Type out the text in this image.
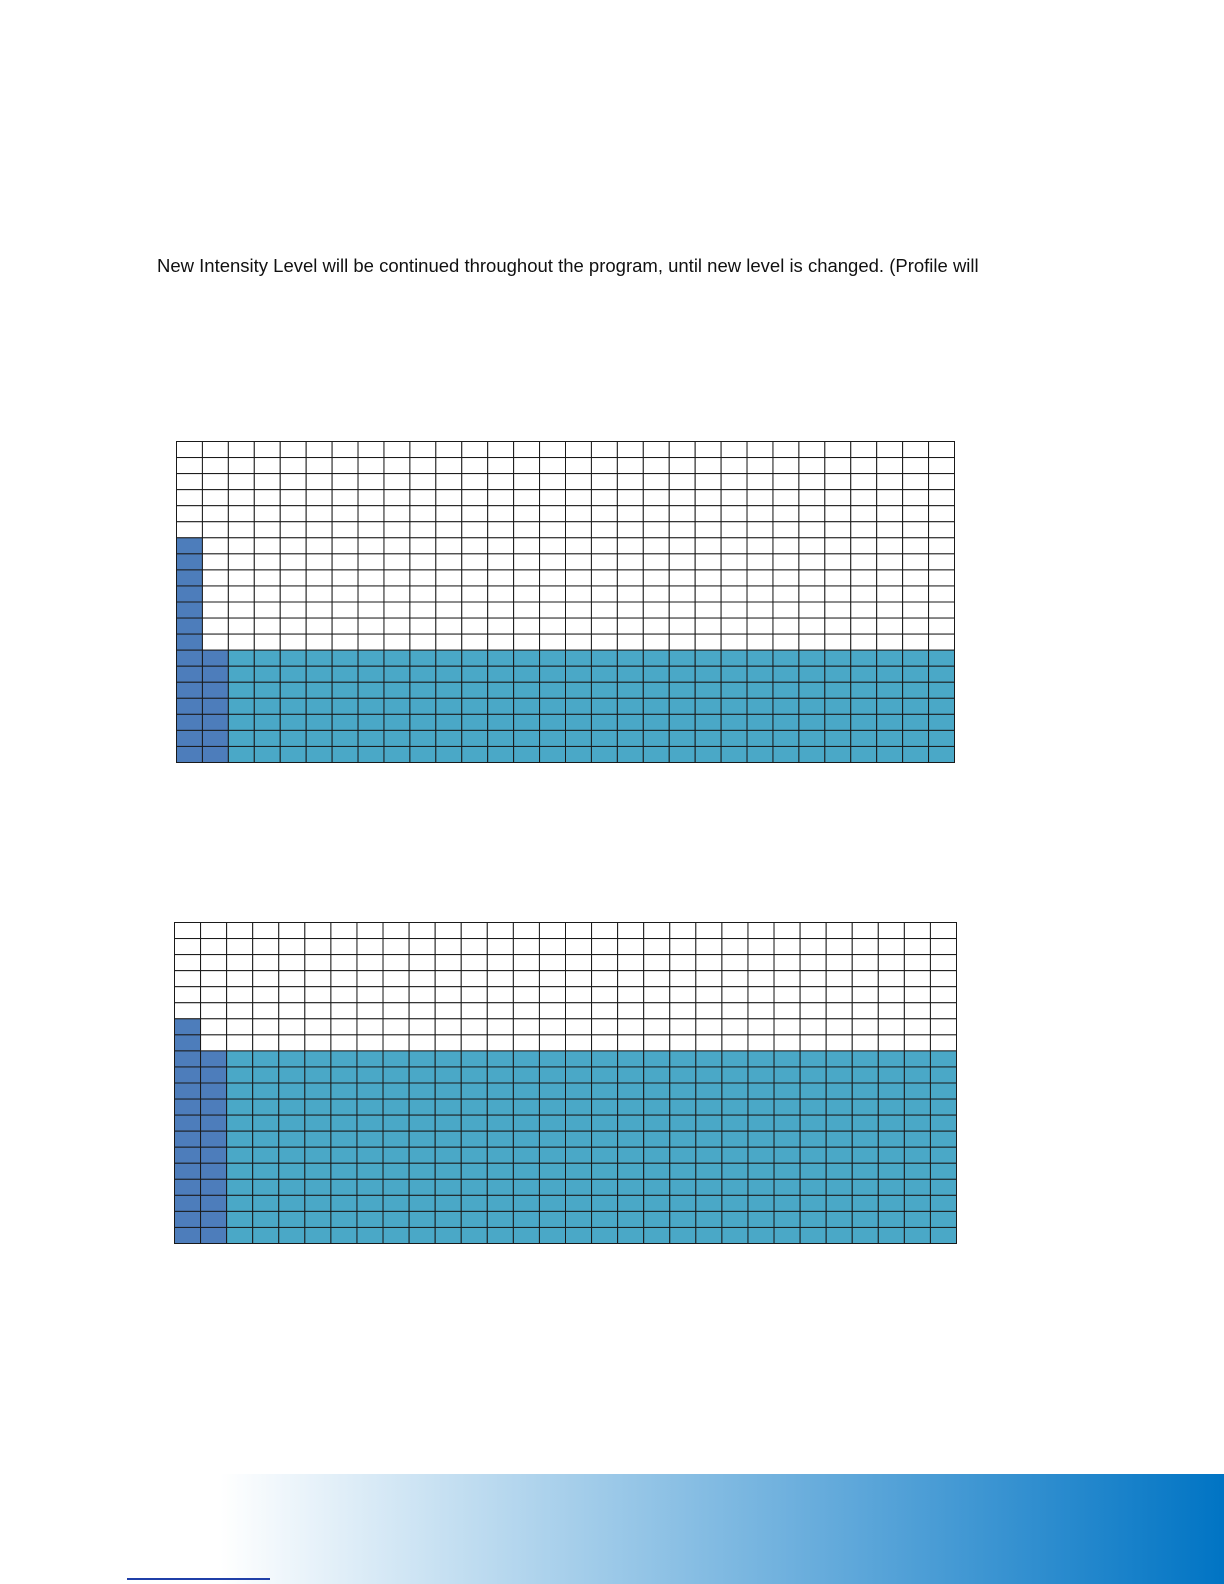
New Intensity Level will be continued throughout the program, until new level is changed. (Profile will
